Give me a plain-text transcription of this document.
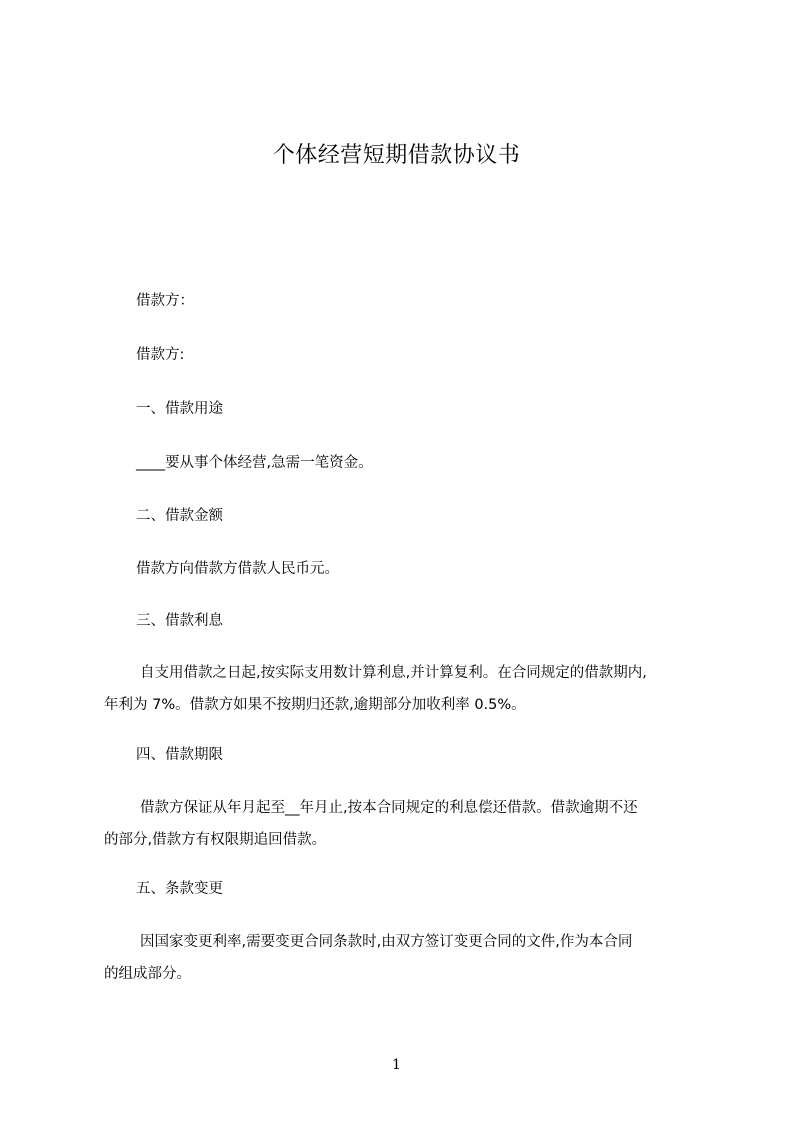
个体经营短期借款协议书
借款方：
借款方:
一、借款用途
____要从事个体经营,急需一笔资金。
二、借款金额
借款方向借款方借款人民币元。
三、借款利息
自支用借款之日起,按实际支用数计算利息,并计算复利。在合同规定的借款期内,
年利为 7%。借款方如果不按期归还款,逾期部分加收利率 0.5%。
四、借款期限
借款方保证从年月起至__年月止,按本合同规定的利息偿还借款。借款逾期不还
的部分,借款方有权限期追回借款。
五、条款变更
因国家变更利率,需要变更合同条款时,由双方签订变更合同的文件,作为本合同
的组成部分。
1
